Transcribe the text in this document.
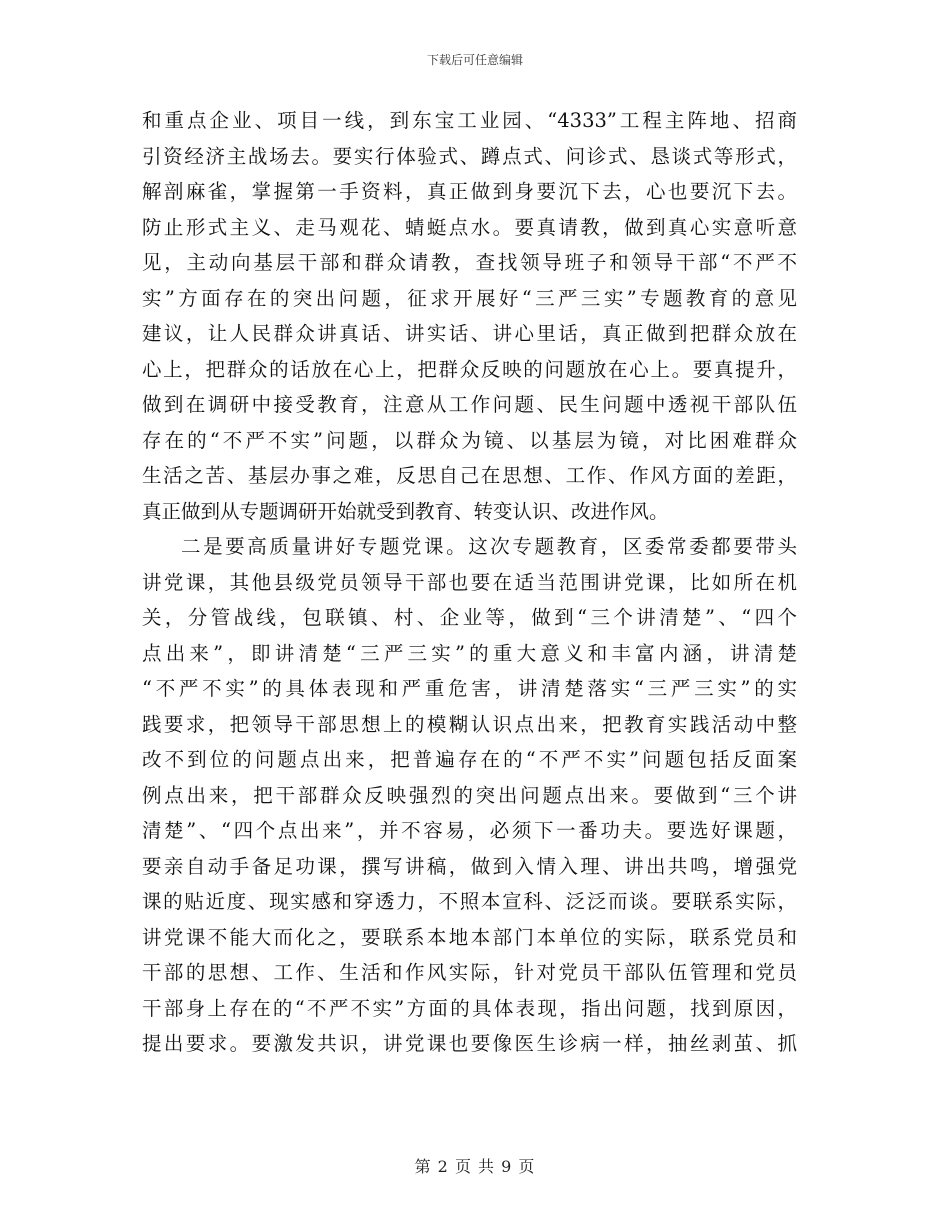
下载后可任意编辑
和重点企业、项目一线，到东宝工业园、“4333”工程主阵地、招商
引资经济主战场去。要实行体验式、蹲点式、问诊式、恳谈式等形式，
解剖麻雀，掌握第一手资料，真正做到身要沉下去，心也要沉下去。
防止形式主义、走马观花、蜻蜓点水。要真请教，做到真心实意听意
见，主动向基层干部和群众请教，查找领导班子和领导干部“不严不
实”方面存在的突出问题，征求开展好“三严三实”专题教育的意见
建议，让人民群众讲真话、讲实话、讲心里话，真正做到把群众放在
心上，把群众的话放在心上，把群众反映的问题放在心上。要真提升，
做到在调研中接受教育，注意从工作问题、民生问题中透视干部队伍
存在的“不严不实”问题，以群众为镜、以基层为镜，对比困难群众
生活之苦、基层办事之难，反思自己在思想、工作、作风方面的差距，
真正做到从专题调研开始就受到教育、转变认识、改进作风。
二是要高质量讲好专题党课。这次专题教育，区委常委都要带头
讲党课，其他县级党员领导干部也要在适当范围讲党课，比如所在机
关，分管战线，包联镇、村、企业等，做到“三个讲清楚”、“四个
点出来”，即讲清楚“三严三实”的重大意义和丰富内涵，讲清楚
“不严不实”的具体表现和严重危害，讲清楚落实“三严三实”的实
践要求，把领导干部思想上的模糊认识点出来，把教育实践活动中整
改不到位的问题点出来，把普遍存在的“不严不实”问题包括反面案
例点出来，把干部群众反映强烈的突出问题点出来。要做到“三个讲
清楚”、“四个点出来”，并不容易，必须下一番功夫。要选好课题，
要亲自动手备足功课，撰写讲稿，做到入情入理、讲出共鸣，增强党
课的贴近度、现实感和穿透力，不照本宣科、泛泛而谈。要联系实际，
讲党课不能大而化之，要联系本地本部门本单位的实际，联系党员和
干部的思想、工作、生活和作风实际，针对党员干部队伍管理和党员
干部身上存在的“不严不实”方面的具体表现，指出问题，找到原因，
提出要求。要激发共识，讲党课也要像医生诊病一样，抽丝剥茧、抓
第 2 页 共 9 页
